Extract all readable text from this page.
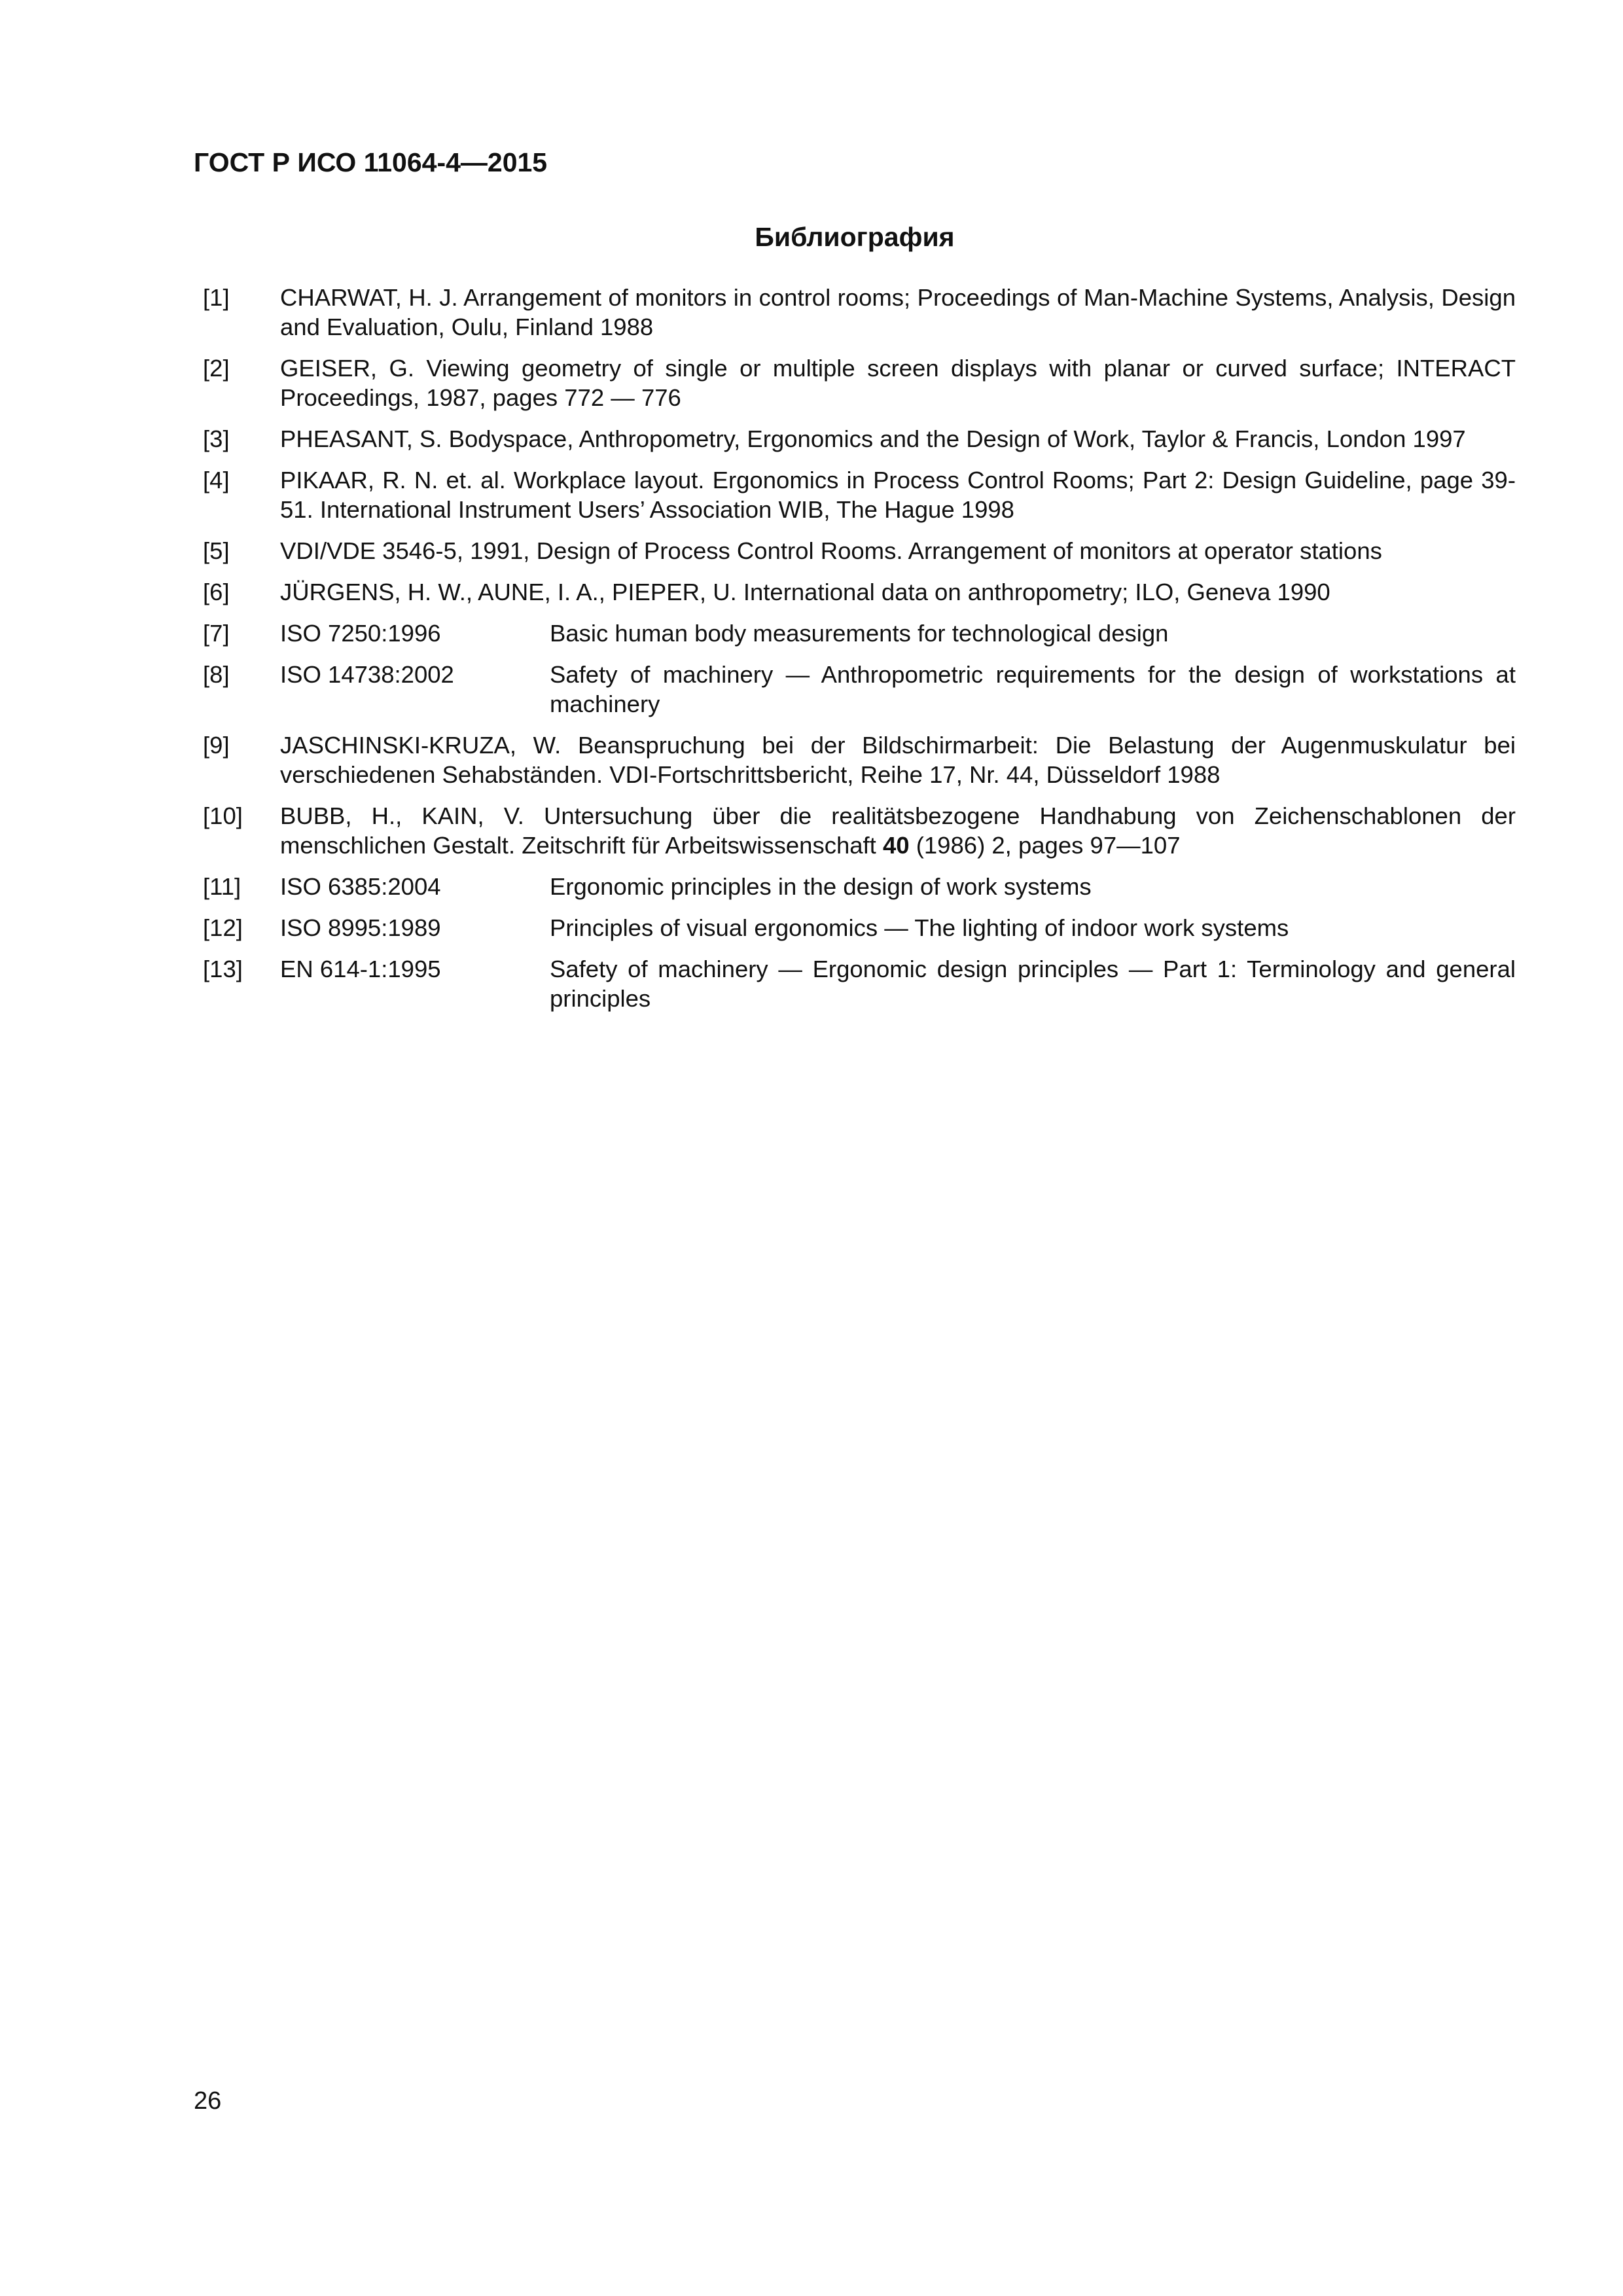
ГОСТ Р ИСО 11064-4—2015
Библиография
[1]	CHARWAT, H. J. Arrangement of monitors in control rooms; Proceedings of Man-Machine Systems, Analysis, Design and Evaluation, Oulu, Finland 1988
[2]	GEISER, G. Viewing geometry of single or multiple screen displays with planar or curved surface; INTERACT Proceedings, 1987, pages 772 — 776
[3]	PHEASANT, S. Bodyspace, Anthropometry, Ergonomics and the Design of Work, Taylor & Francis, London 1997
[4]	PIKAAR, R. N. et. al. Workplace layout. Ergonomics in Process Control Rooms; Part 2: Design Guideline, page 39-51. International Instrument Users’ Association WIB, The Hague 1998
[5]	VDI/VDE 3546-5, 1991, Design of Process Control Rooms. Arrangement of monitors at operator stations
[6]	JÜRGENS, H. W., AUNE, I. A., PIEPER, U. International data on anthropometry; ILO, Geneva 1990
[7]	ISO 7250:1996	Basic human body measurements for technological design
[8]	ISO 14738:2002	Safety of machinery — Anthropometric requirements for the design of workstations at machinery
[9]	JASCHINSKI-KRUZA, W. Beanspruchung bei der Bildschirmarbeit: Die Belastung der Augenmuskulatur bei verschiedenen Sehabständen. VDI-Fortschrittsbericht, Reihe 17, Nr. 44, Düsseldorf 1988
[10]	BUBB, H., KAIN, V. Untersuchung über die realitätsbezogene Handhabung von Zeichenschablonen der menschlichen Gestalt. Zeitschrift für Arbeitswissenschaft 40 (1986) 2, pages 97—107
[11]	ISO 6385:2004	Ergonomic principles in the design of work systems
[12]	ISO 8995:1989	Principles of visual ergonomics — The lighting of indoor work systems
[13]	EN 614-1:1995	Safety of machinery — Ergonomic design principles — Part 1: Terminology and general principles
26
